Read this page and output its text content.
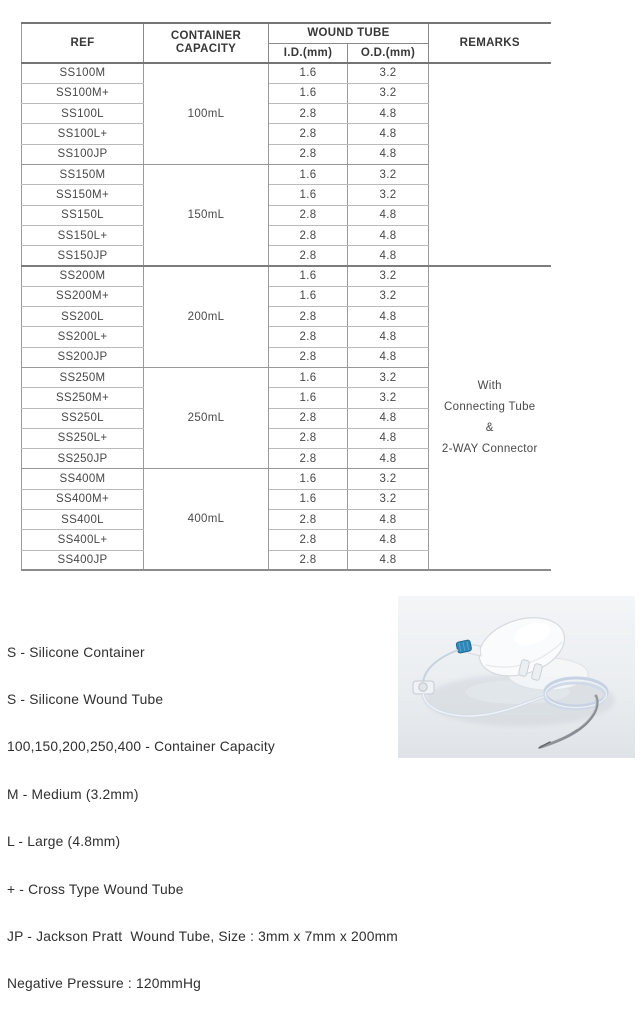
REF	CONTAINER CAPACITY	WOUND TUBE		REMARKS
		I.D.(mm)	O.D.(mm)	
SS100M	100mL	1.6	3.2	
SS100M+		1.6	3.2	
SS100L		2.8	4.8	
SS100L+		2.8	4.8	
SS100JP		2.8	4.8	
SS150M	150mL	1.6	3.2	
SS150M+		1.6	3.2	
SS150L		2.8	4.8	
SS150L+		2.8	4.8	
SS150JP		2.8	4.8	
SS200M	200mL	1.6	3.2	With
Connecting Tube
&
2-WAY Connector

SS200M+		1.6	3.2	
SS200L		2.8	4.8	
SS200L+		2.8	4.8	
SS200JP		2.8	4.8	
SS250M	250mL	1.6	3.2	
SS250M+		1.6	3.2	
SS250L		2.8	4.8	
SS250L+		2.8	4.8	
SS250JP		2.8	4.8	
SS400M	400mL	1.6	3.2	
SS400M+		1.6	3.2	
SS400L		2.8	4.8	
SS400L+		2.8	4.8	
SS400JP		2.8	4.8	

S - Silicone Container

S - Silicone Wound Tube

100,150,200,250,400 - Container Capacity

M - Medium (3.2mm)

L - Large (4.8mm)

+ - Cross Type Wound Tube

JP - Jackson Pratt  Wound Tube, Size : 3mm x 7mm x 200mm

Negative Pressure : 120mmHg
